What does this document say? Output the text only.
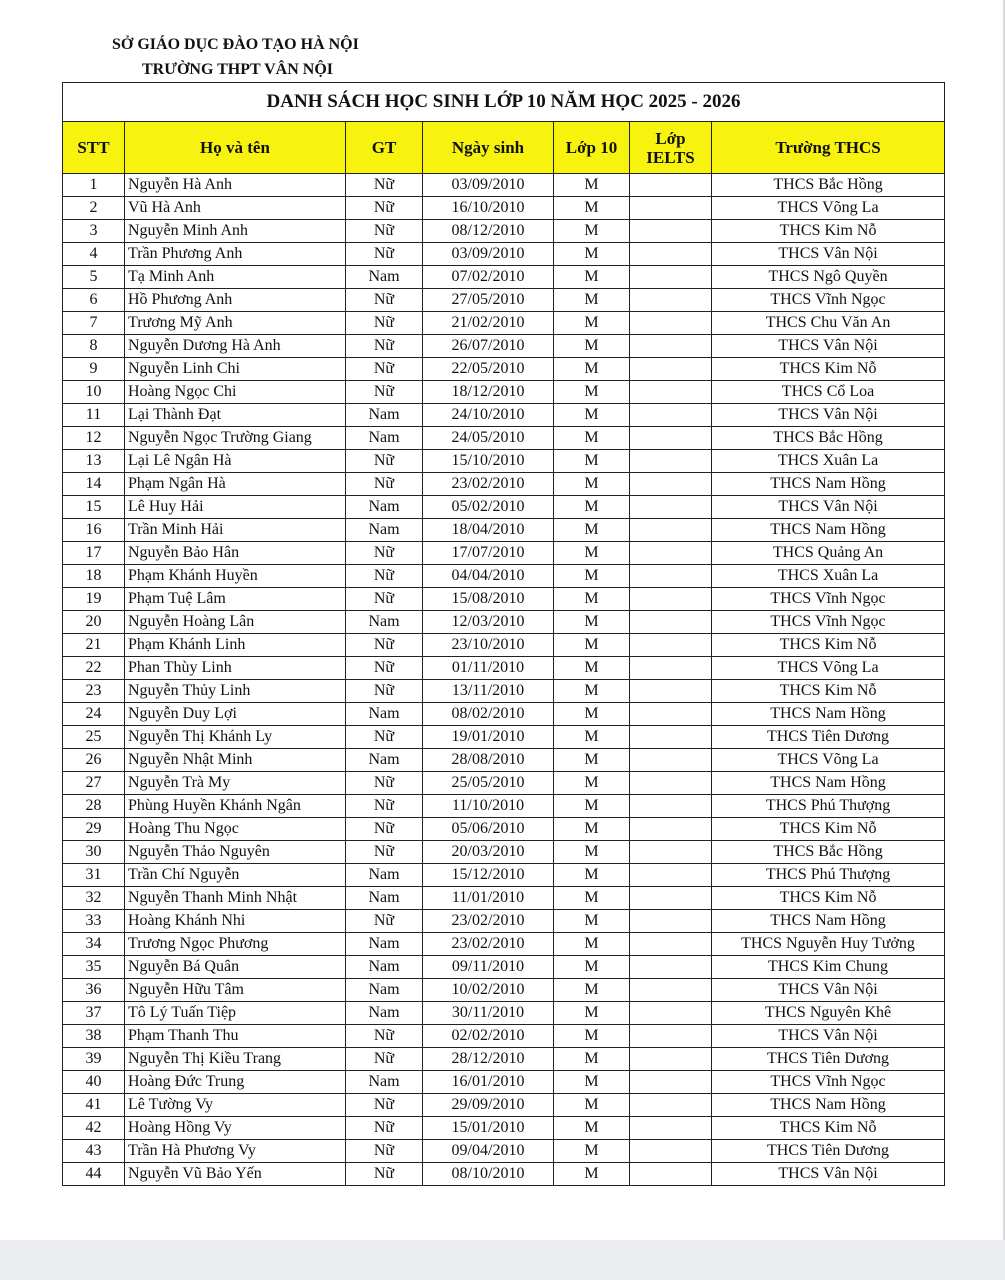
SỞ GIÁO DỤC ĐÀO TẠO HÀ NỘI
TRƯỜNG THPT VÂN NỘI
DANH SÁCH HỌC SINH LỚP 10 NĂM HỌC 2025 - 2026						
STT	Họ và tên	GT	Ngày sinh	Lớp 10	Lớp IELTS	Trường THCS
1	Nguyễn Hà Anh	Nữ	03/09/2010	M		THCS Bắc Hồng
2	Vũ Hà Anh	Nữ	16/10/2010	M		THCS Võng La
3	Nguyễn Minh Anh	Nữ	08/12/2010	M		THCS Kim Nỗ
4	Trần Phương Anh	Nữ	03/09/2010	M		THCS Vân Nội
5	Tạ Minh Anh	Nam	07/02/2010	M		THCS Ngô Quyền
6	Hồ Phương Anh	Nữ	27/05/2010	M		THCS Vĩnh Ngọc
7	Trương Mỹ Anh	Nữ	21/02/2010	M		THCS Chu Văn An
8	Nguyễn Dương Hà Anh	Nữ	26/07/2010	M		THCS Vân Nội
9	Nguyễn Linh Chi	Nữ	22/05/2010	M		THCS Kim Nỗ
10	Hoàng Ngọc Chi	Nữ	18/12/2010	M		THCS Cổ Loa
11	Lại Thành Đạt	Nam	24/10/2010	M		THCS Vân Nội
12	Nguyễn Ngọc Trường Giang	Nam	24/05/2010	M		THCS Bắc Hồng
13	Lại Lê Ngân Hà	Nữ	15/10/2010	M		THCS Xuân La
14	Phạm Ngân Hà	Nữ	23/02/2010	M		THCS Nam Hồng
15	Lê Huy Hải	Nam	05/02/2010	M		THCS Vân Nội
16	Trần Minh Hải	Nam	18/04/2010	M		THCS Nam Hồng
17	Nguyễn Bảo Hân	Nữ	17/07/2010	M		THCS Quảng An
18	Phạm Khánh Huyền	Nữ	04/04/2010	M		THCS Xuân La
19	Phạm Tuệ Lâm	Nữ	15/08/2010	M		THCS Vĩnh Ngọc
20	Nguyễn Hoàng Lân	Nam	12/03/2010	M		THCS Vĩnh Ngọc
21	Phạm Khánh Linh	Nữ	23/10/2010	M		THCS Kim Nỗ
22	Phan Thùy Linh	Nữ	01/11/2010	M		THCS Võng La
23	Nguyễn Thủy Linh	Nữ	13/11/2010	M		THCS Kim Nỗ
24	Nguyễn Duy Lợi	Nam	08/02/2010	M		THCS Nam Hồng
25	Nguyễn Thị Khánh Ly	Nữ	19/01/2010	M		THCS Tiên Dương
26	Nguyễn Nhật Minh	Nam	28/08/2010	M		THCS Võng La
27	Nguyễn Trà My	Nữ	25/05/2010	M		THCS Nam Hồng
28	Phùng Huyền Khánh Ngân	Nữ	11/10/2010	M		THCS Phú Thượng
29	Hoàng Thu Ngọc	Nữ	05/06/2010	M		THCS Kim Nỗ
30	Nguyễn Thảo Nguyên	Nữ	20/03/2010	M		THCS Bắc Hồng
31	Trần Chí Nguyễn	Nam	15/12/2010	M		THCS Phú Thượng
32	Nguyễn Thanh Minh Nhật	Nam	11/01/2010	M		THCS Kim Nỗ
33	Hoàng Khánh Nhi	Nữ	23/02/2010	M		THCS Nam Hồng
34	Trương Ngọc Phương	Nam	23/02/2010	M		THCS Nguyễn Huy Tưởng
35	Nguyễn Bá Quân	Nam	09/11/2010	M		THCS Kim Chung
36	Nguyễn Hữu Tâm	Nam	10/02/2010	M		THCS Vân Nội
37	Tô Lý Tuấn Tiệp	Nam	30/11/2010	M		THCS Nguyên Khê
38	Phạm Thanh Thu	Nữ	02/02/2010	M		THCS Vân Nội
39	Nguyễn Thị Kiều Trang	Nữ	28/12/2010	M		THCS Tiên Dương
40	Hoàng Đức Trung	Nam	16/01/2010	M		THCS Vĩnh Ngọc
41	Lê Tường Vy	Nữ	29/09/2010	M		THCS Nam Hồng
42	Hoàng Hồng Vy	Nữ	15/01/2010	M		THCS Kim Nỗ
43	Trần Hà Phương Vy	Nữ	09/04/2010	M		THCS Tiên Dương
44	Nguyễn Vũ Bảo Yến	Nữ	08/10/2010	M		THCS Vân Nội
